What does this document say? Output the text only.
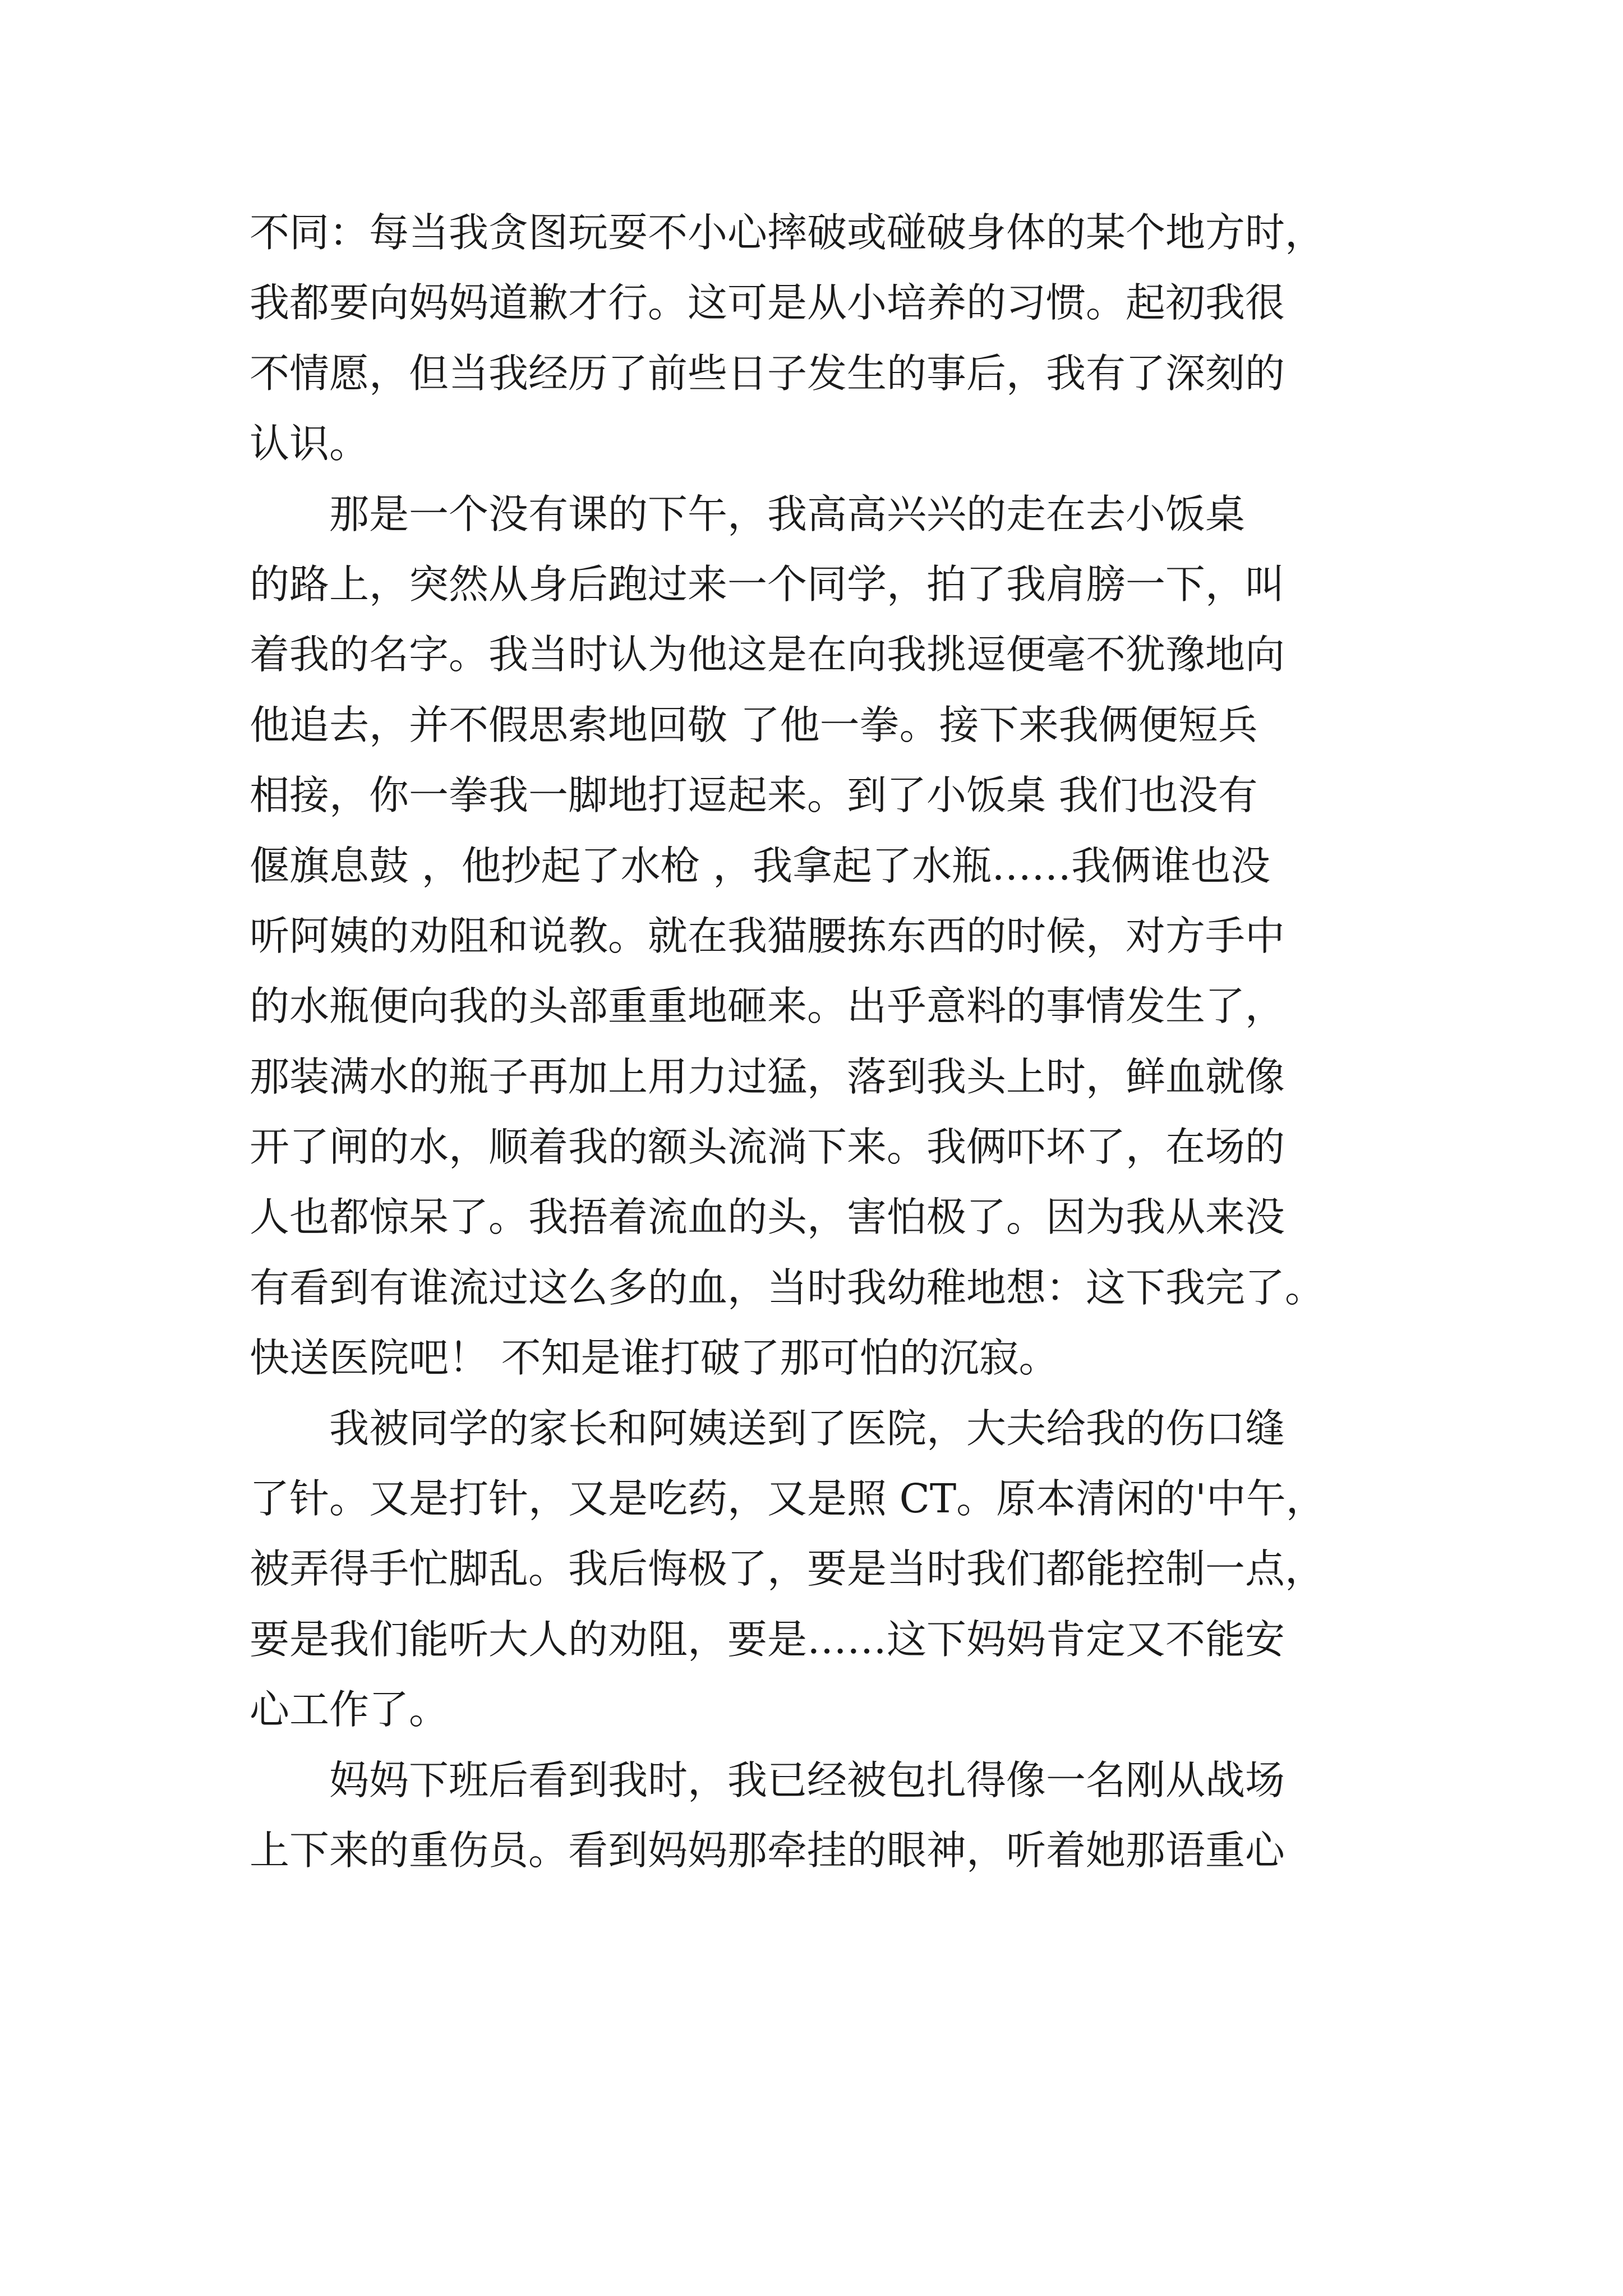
不同：每当我贪图玩耍不小心摔破或碰破身体的某个地方时，
我都要向妈妈道歉才行。这可是从小培养的习惯。起初我很
不情愿，但当我经历了前些日子发生的事后，我有了深刻的
认识。
　　那是一个没有课的下午，我高高兴兴的走在去小饭桌
的路上，突然从身后跑过来一个同学，拍了我肩膀一下，叫
着我的名字。我当时认为他这是在向我挑逗便毫不犹豫地向
他追去，并不假思索地回敬 了他一拳。接下来我俩便短兵
相接，你一拳我一脚地打逗起来。到了小饭桌 我们也没有
偃旗息鼓 ，他抄起了水枪 ，我拿起了水瓶……我俩谁也没
听阿姨的劝阻和说教。就在我猫腰拣东西的时候，对方手中
的水瓶便向我的头部重重地砸来。出乎意料的事情发生了，
那装满水的瓶子再加上用力过猛，落到我头上时，鲜血就像
开了闸的水，顺着我的额头流淌下来。我俩吓坏了，在场的
人也都惊呆了。我捂着流血的头，害怕极了。因为我从来没
有看到有谁流过这么多的血，当时我幼稚地想：这下我完了。
快送医院吧！ 不知是谁打破了那可怕的沉寂。
　　我被同学的家长和阿姨送到了医院，大夫给我的伤口缝
了针。又是打针，又是吃药，又是照 CT。原本清闲的'中午，
被弄得手忙脚乱。我后悔极了，要是当时我们都能控制一点，
要是我们能听大人的劝阻，要是……这下妈妈肯定又不能安
心工作了。
　　妈妈下班后看到我时，我已经被包扎得像一名刚从战场
上下来的重伤员。看到妈妈那牵挂的眼神，听着她那语重心
